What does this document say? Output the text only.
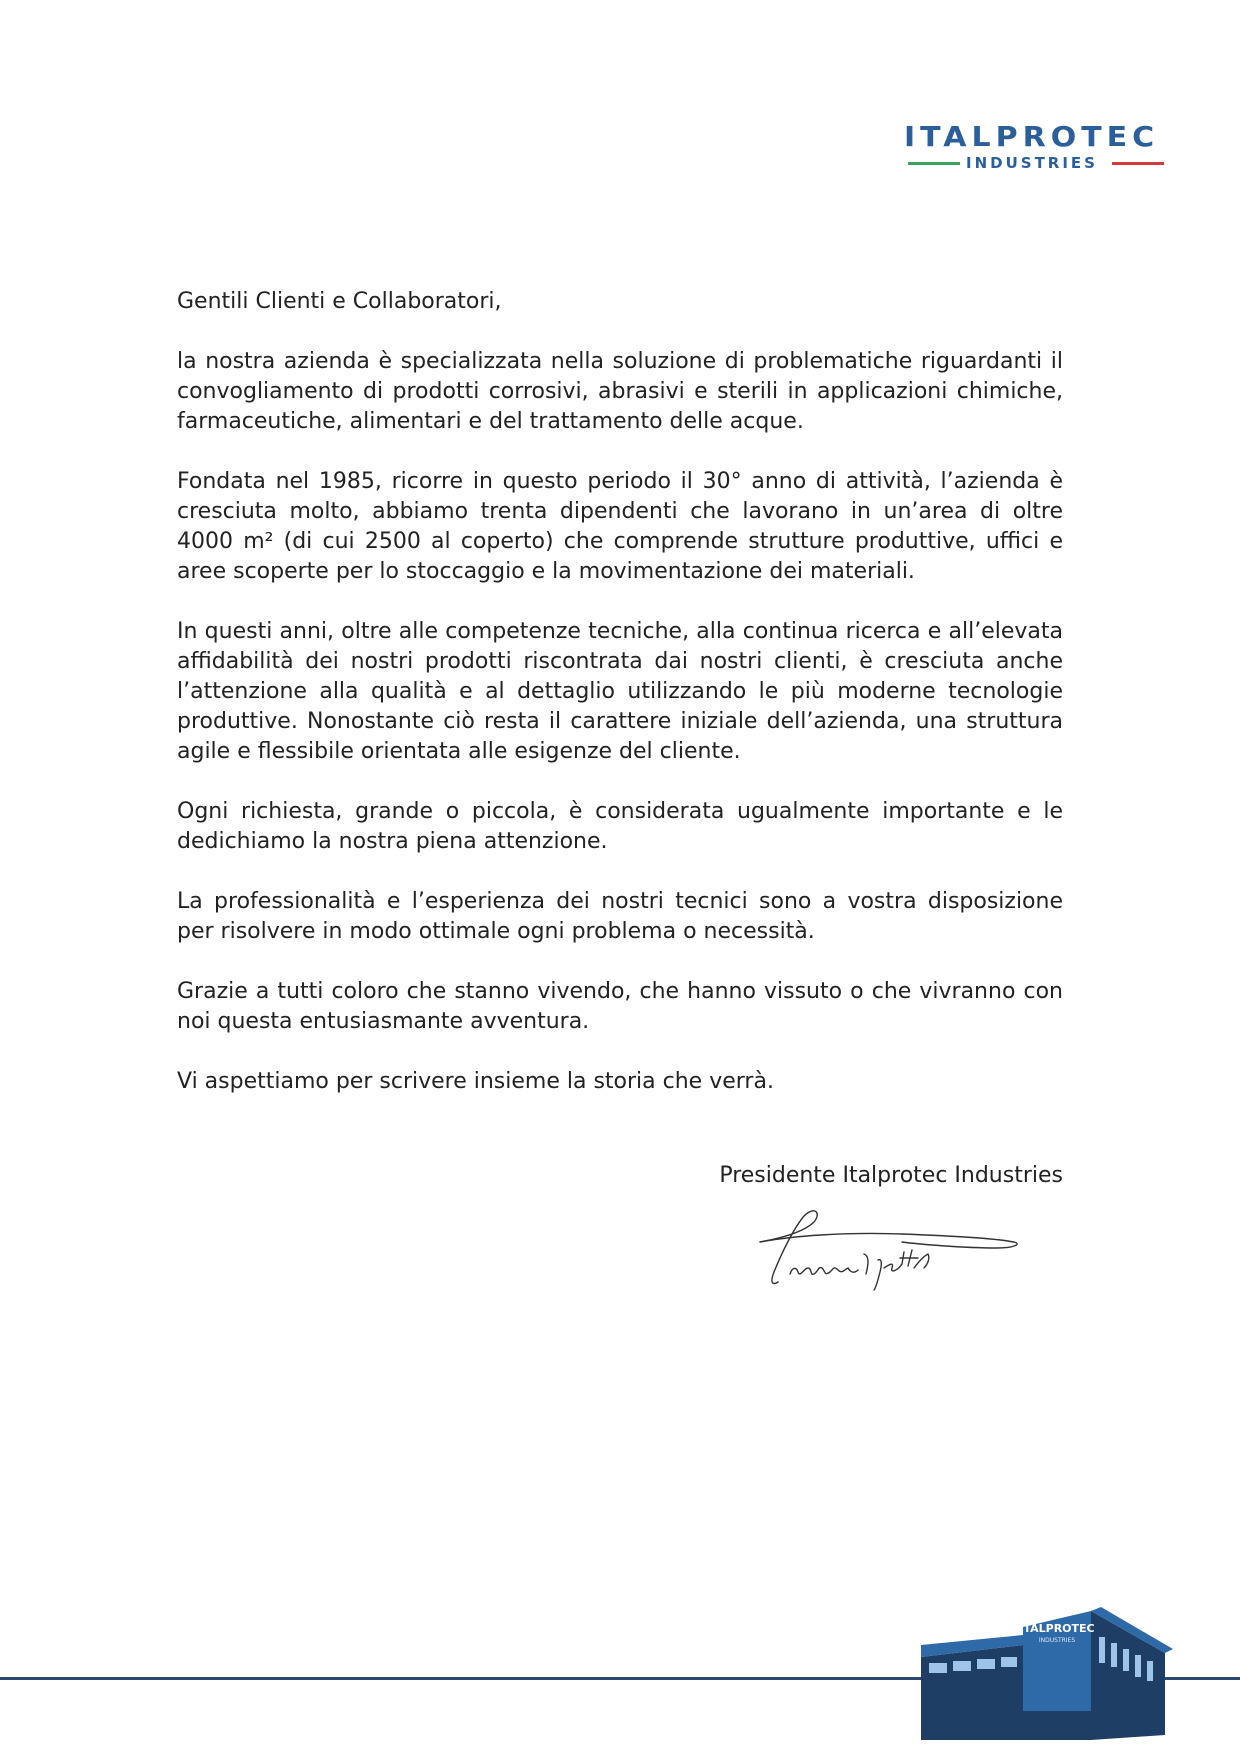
ITALPROTEC
INDUSTRIES

Gentili Clienti e Collaboratori,

la nostra azienda è specializzata nella soluzione di problematiche riguardanti il convogliamento di prodotti corrosivi, abrasivi e sterili in applicazioni chimiche, farmaceutiche, alimentari e del trattamento delle acque.

Fondata nel 1985, ricorre in questo periodo il 30° anno di attività, l’azienda è cresciuta molto, abbiamo trenta dipendenti che lavorano in un’area di oltre 4000 m² (di cui 2500 al coperto) che comprende strutture produttive, uffici e aree scoperte per lo stoccaggio e la movimentazione dei materiali.

In questi anni, oltre alle competenze tecniche, alla continua ricerca e all’elevata affidabilità dei nostri prodotti riscontrata dai nostri clienti, è cresciuta anche l’attenzione alla qualità e al dettaglio utilizzando le più moderne tecnologie produttive. Nonostante ciò resta il carattere iniziale dell’azienda, una struttura agile e flessibile orientata alle esigenze del cliente.

Ogni richiesta, grande o piccola, è considerata ugualmente importante e le dedichiamo la nostra piena attenzione.

La professionalità e l’esperienza dei nostri tecnici sono a vostra disposizione per risolvere in modo ottimale ogni problema o necessità.

Grazie a tutti coloro che stanno vivendo, che hanno vissuto o che vivranno con noi questa entusiasmante avventura.

Vi aspettiamo per scrivere insieme la storia che verrà.

Presidente Italprotec Industries
ITALPROTEC
INDUSTRIES
